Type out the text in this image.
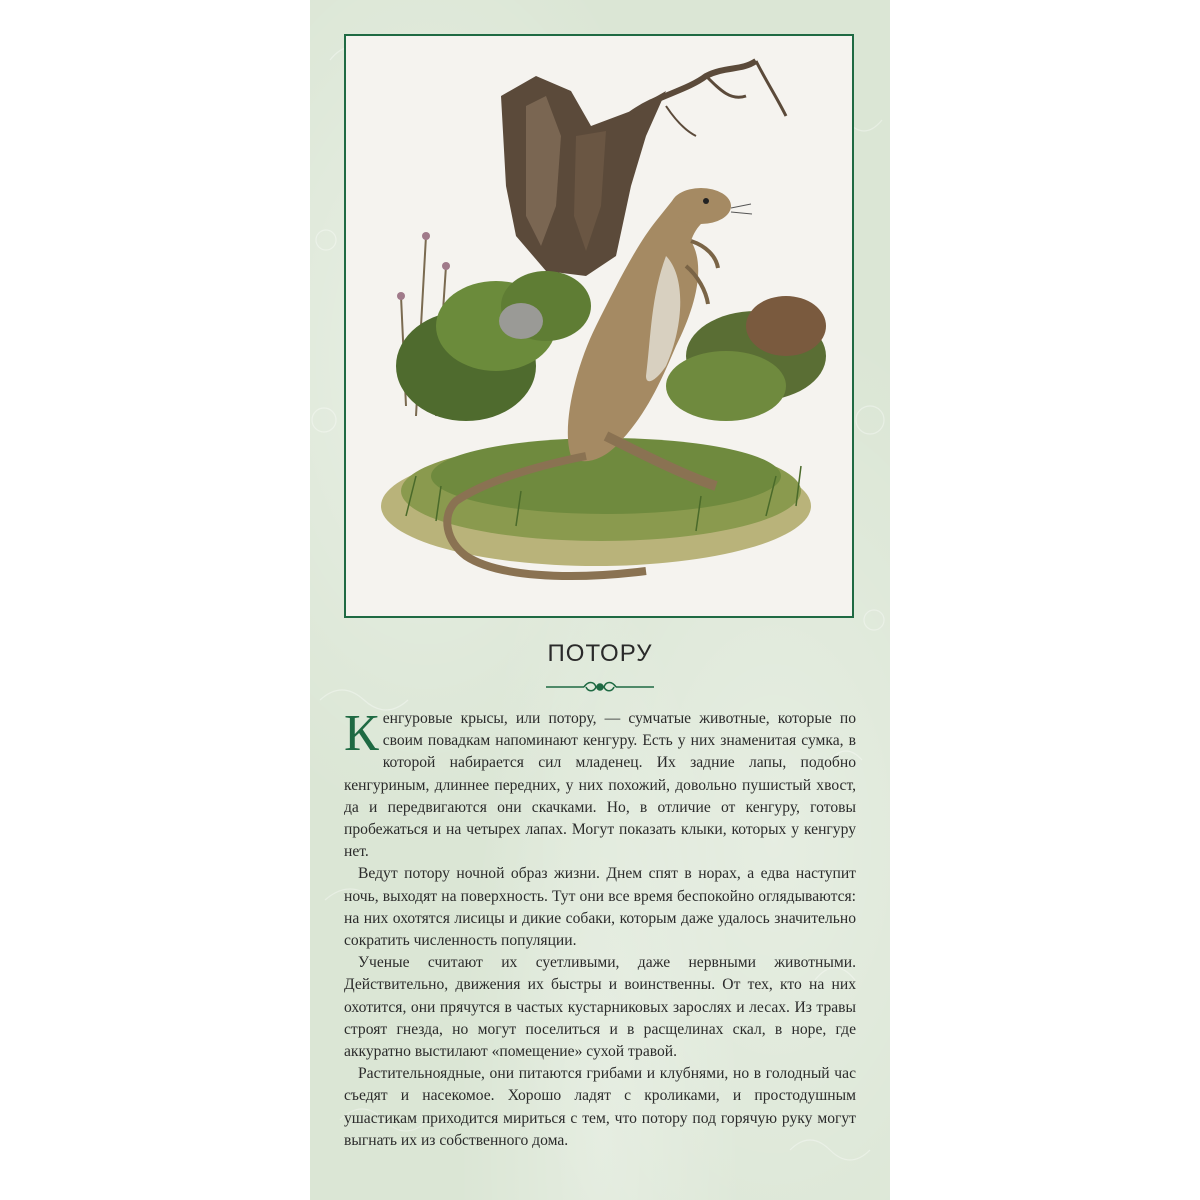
ПОТОРУ

Кенгуровые крысы, или потору, — сумчатые животные, которые по своим повадкам напоминают кенгуру. Есть у них знаменитая сумка, в которой набирается сил младенец. Их задние лапы, подобно кенгуриным, длиннее передних, у них похожий, довольно пушистый хвост, да и передвигаются они скачками. Но, в отличие от кенгуру, готовы пробежаться и на четырех лапах. Могут показать клыки, которых у кенгуру нет.

Ведут потору ночной образ жизни. Днем спят в норах, а едва наступит ночь, выходят на поверхность. Тут они все время беспокойно оглядываются: на них охотятся лисицы и дикие собаки, которым даже удалось значительно сократить численность популяции.

Ученые считают их суетливыми, даже нервными животными. Действительно, движения их быстры и воинственны. От тех, кто на них охотится, они прячутся в частых кустарниковых зарослях и лесах. Из травы строят гнезда, но могут поселиться и в расщелинах скал, в норе, где аккуратно выстилают «помещение» сухой травой.

Растительноядные, они питаются грибами и клубнями, но в голодный час съедят и насекомое. Хорошо ладят с кроликами, и простодушным ушастикам приходится мириться с тем, что потору под горячую руку могут выгнать их из собственного дома.
